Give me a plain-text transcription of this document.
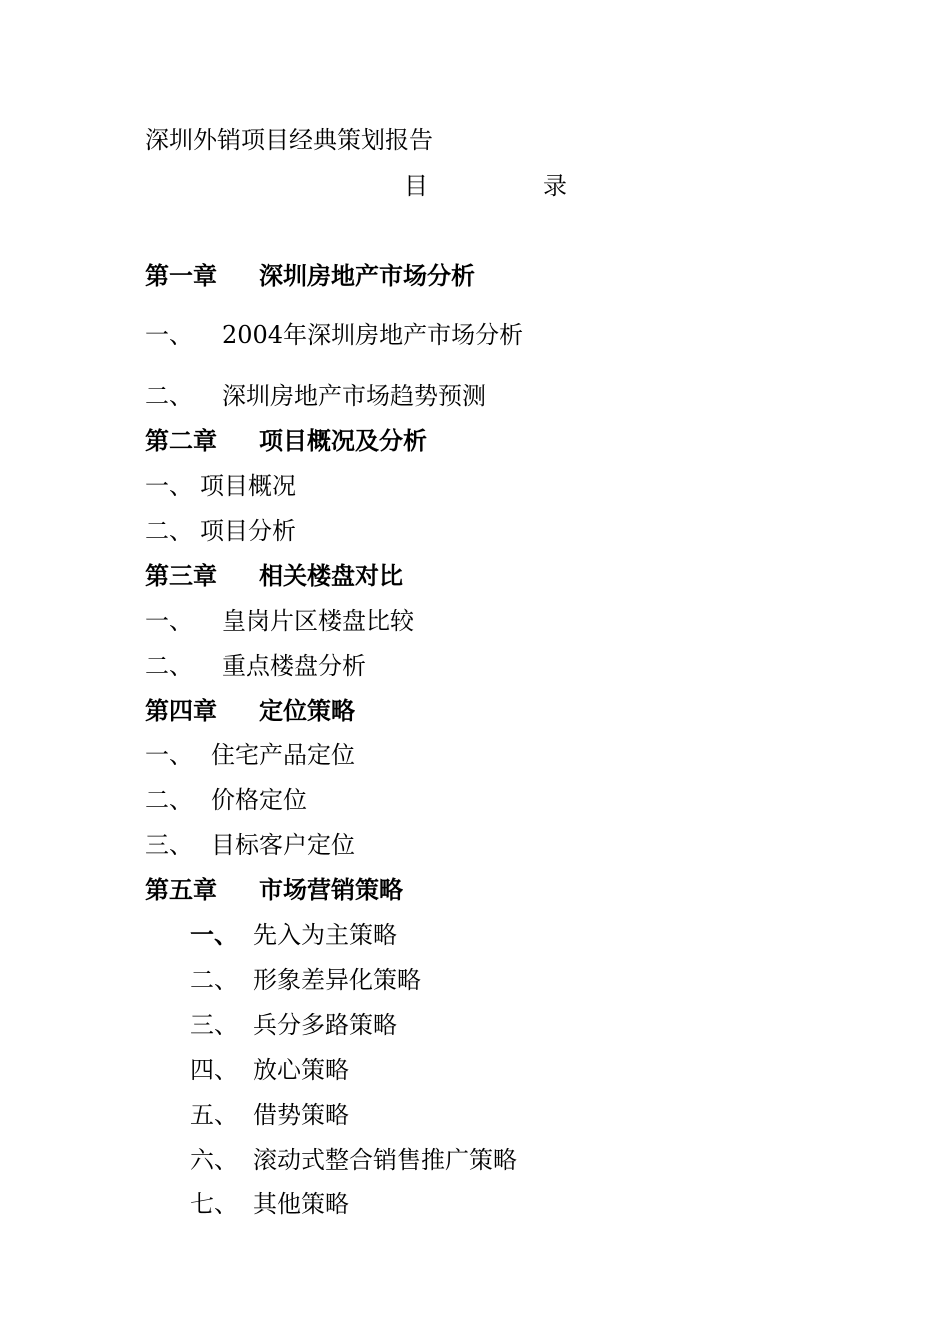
深圳外销项目经典策划报告
目	录
第一章 深圳房地产市场分析
一、 2004年深圳房地产市场分析
二、 深圳房地产市场趋势预测
第二章 项目概况及分析
一、 项目概况
二、 项目分析
第三章 相关楼盘对比
一、 皇岗片区楼盘比较
二、 重点楼盘分析
第四章 定位策略
一、 住宅产品定位
二、 价格定位
三、 目标客户定位
第五章 市场营销策略
一、 先入为主策略
二、 形象差异化策略
三、 兵分多路策略
四、 放心策略
五、 借势策略
六、 滚动式整合销售推广策略
七、 其他策略
